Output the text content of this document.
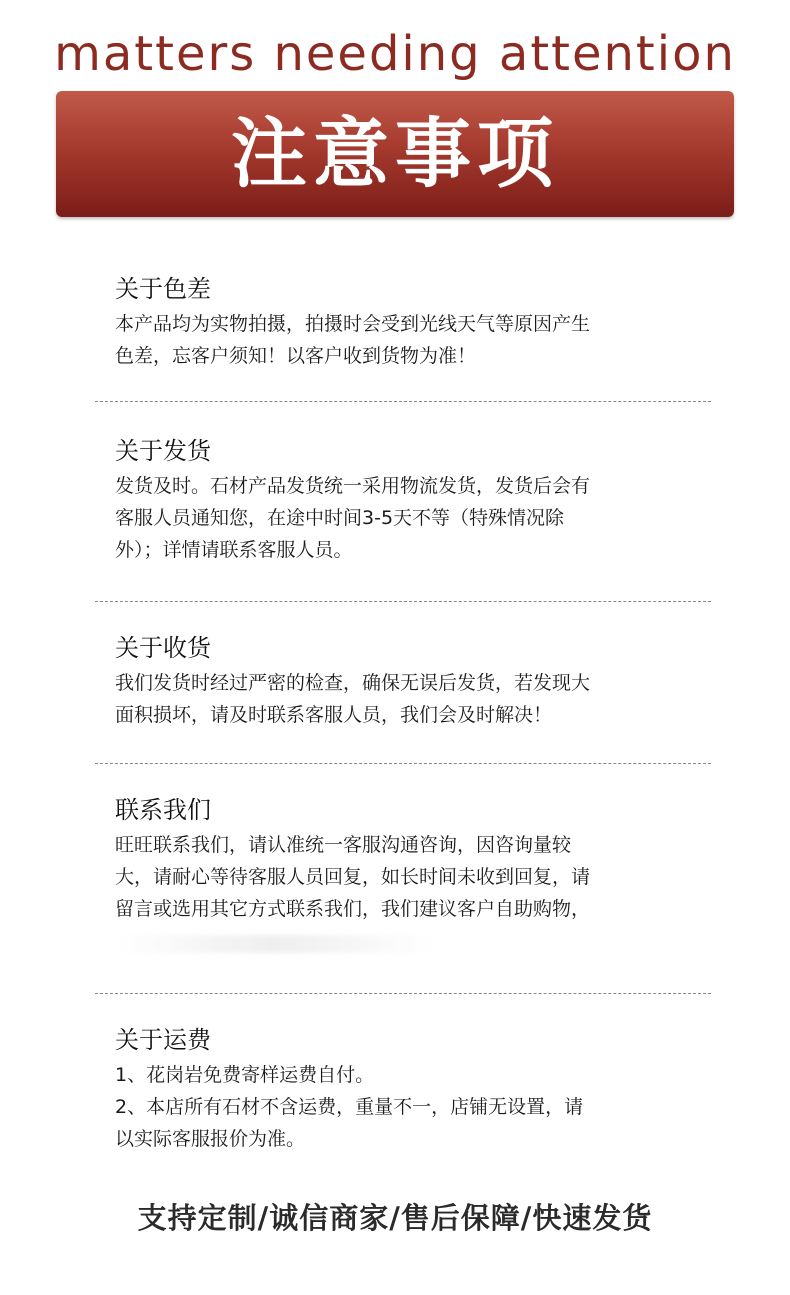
matters needing attention
注意事项
关于色差

本产品均为实物拍摄，拍摄时会受到光线天气等原因产生

色差，忘客户须知！以客户收到货物为准！

关于发货

发货及时。石材产品发货统一采用物流发货，发货后会有

客服人员通知您，在途中时间3-5天不等（特殊情况除

外）；详情请联系客服人员。

关于收货

我们发货时经过严密的检查，确保无误后发货，若发现大

面积损坏，请及时联系客服人员，我们会及时解决！

联系我们

旺旺联系我们，请认准统一客服沟通咨询，因咨询量较

大，请耐心等待客服人员回复，如长时间未收到回复，请

留言或选用其它方式联系我们，我们建议客户自助购物，

关于运费

1、花岗岩免费寄样运费自付。

2、本店所有石材不含运费，重量不一，店铺无设置，请

以实际客服报价为准。

支持定制/诚信商家/售后保障/快速发货
